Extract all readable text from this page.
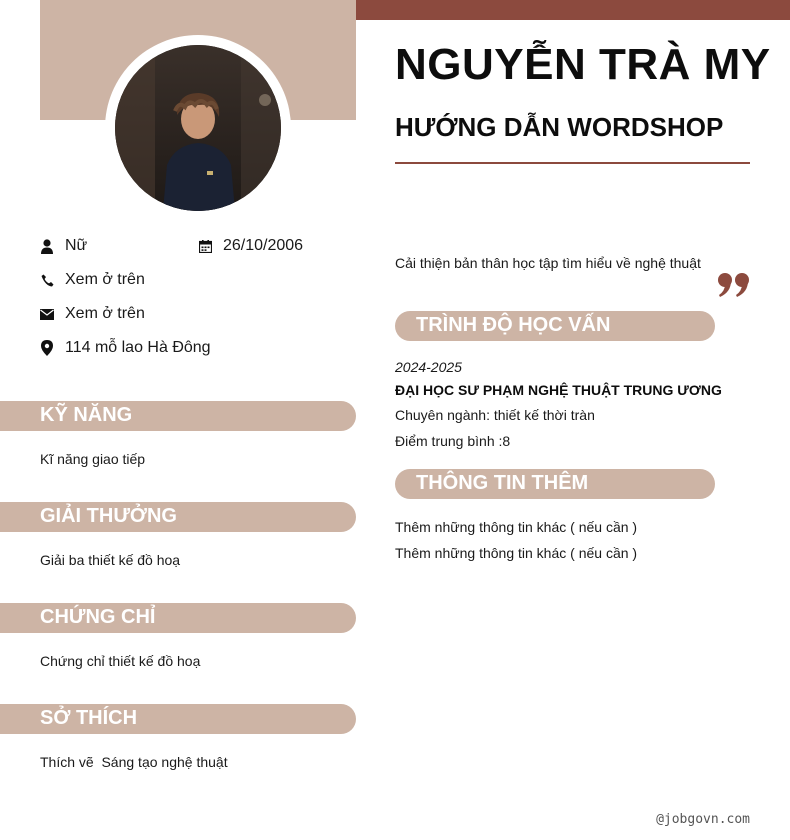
NGUYỄN TRÀ MY
HƯỚNG DẪN WORDSHOP
Nữ	26/10/2006
Xem ở trên
Xem ở trên
114 mỗ lao Hà Đông
KỸ NĂNG
Kĩ năng giao tiếp
GIẢI THƯỞNG
Giải ba thiết kế đồ hoạ
CHỨNG CHỈ
Chứng chỉ thiết kế đồ hoạ
SỞ THÍCH
Thích vẽ  Sáng tạo nghệ thuật
Cải thiện bản thân học tập tìm hiểu về nghệ thuật
TRÌNH ĐỘ HỌC VẤN
2024-2025
ĐẠI HỌC SƯ PHẠM NGHỆ THUẬT TRUNG ƯƠNG
Chuyên ngành: thiết kế thời tràn
Điểm trung bình :8
THÔNG TIN THÊM
Thêm những thông tin khác ( nếu cần )
Thêm những thông tin khác ( nếu cần )
@jobgovn.com
